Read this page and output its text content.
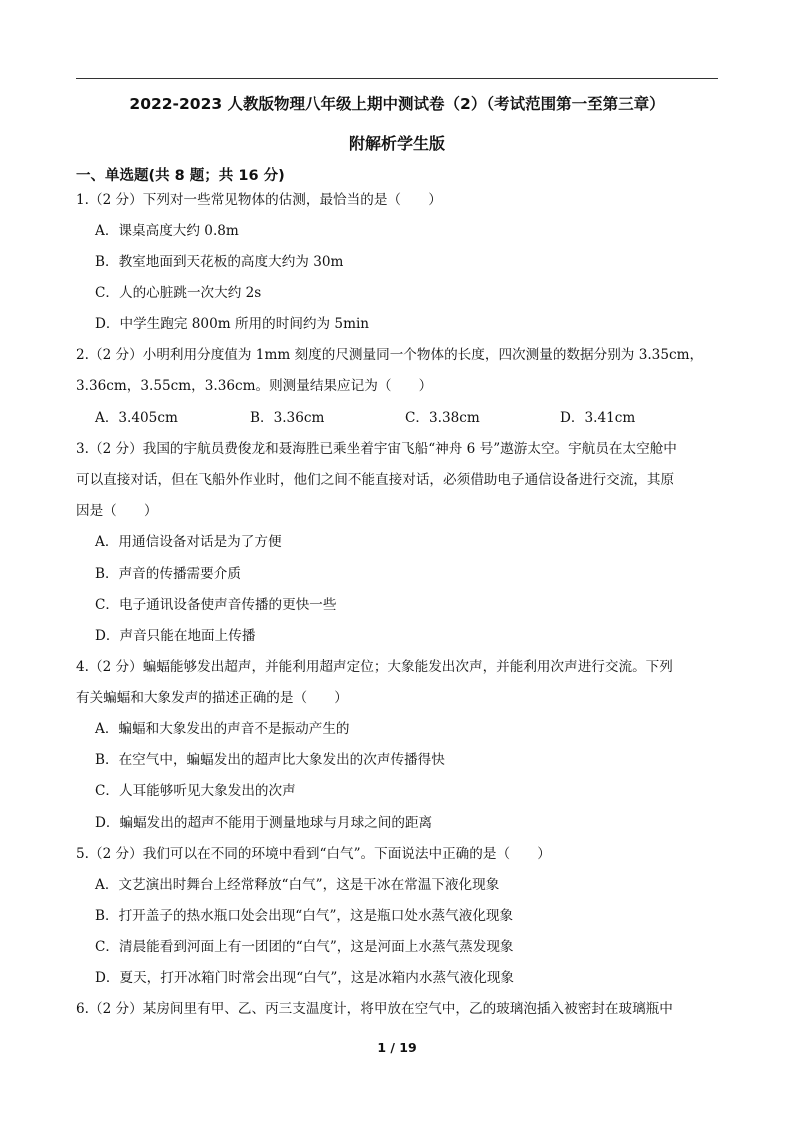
2022-2023 人教版物理八年级上期中测试卷（2）（考试范围第一至第三章）
附解析学生版
一、单选题(共 8 题；共 16 分)
1.（2 分）下列对一些常见物体的估测，最恰当的是（　　）
A．课桌高度大约 0.8m
B．教室地面到天花板的高度大约为 30m
C．人的心脏跳一次大约 2s
D．中学生跑完 800m 所用的时间约为 5min
2.（2 分）小明利用分度值为 1mm 刻度的尺测量同一个物体的长度，四次测量的数据分别为 3.35cm，
3.36cm，3.55cm，3.36cm。则测量结果应记为（　　）
A．3.405cm	B．3.36cm	C．3.38cm	D．3.41cm
3.（2 分）我国的宇航员费俊龙和聂海胜已乘坐着宇宙飞船“神舟 6 号”遨游太空。宇航员在太空舱中
可以直接对话，但在飞船外作业时，他们之间不能直接对话，必须借助电子通信设备进行交流，其原
因是（　　）
A．用通信设备对话是为了方便
B．声音的传播需要介质
C．电子通讯设备使声音传播的更快一些
D．声音只能在地面上传播
4.（2 分）蝙蝠能够发出超声，并能利用超声定位；大象能发出次声，并能利用次声进行交流。下列
有关蝙蝠和大象发声的描述正确的是（　　）
A．蝙蝠和大象发出的声音不是振动产生的
B．在空气中，蝙蝠发出的超声比大象发出的次声传播得快
C．人耳能够听见大象发出的次声
D．蝙蝠发出的超声不能用于测量地球与月球之间的距离
5.（2 分）我们可以在不同的环境中看到“白气”。下面说法中正确的是（　　）
A．文艺演出时舞台上经常释放“白气”，这是干冰在常温下液化现象
B．打开盖子的热水瓶口处会出现“白气”，这是瓶口处水蒸气液化现象
C．清晨能看到河面上有一团团的“白气”，这是河面上水蒸气蒸发现象
D．夏天，打开冰箱门时常会出现“白气”，这是冰箱内水蒸气液化现象
6.（2 分）某房间里有甲、乙、丙三支温度计，将甲放在空气中，乙的玻璃泡插入被密封在玻璃瓶中
1 / 19
